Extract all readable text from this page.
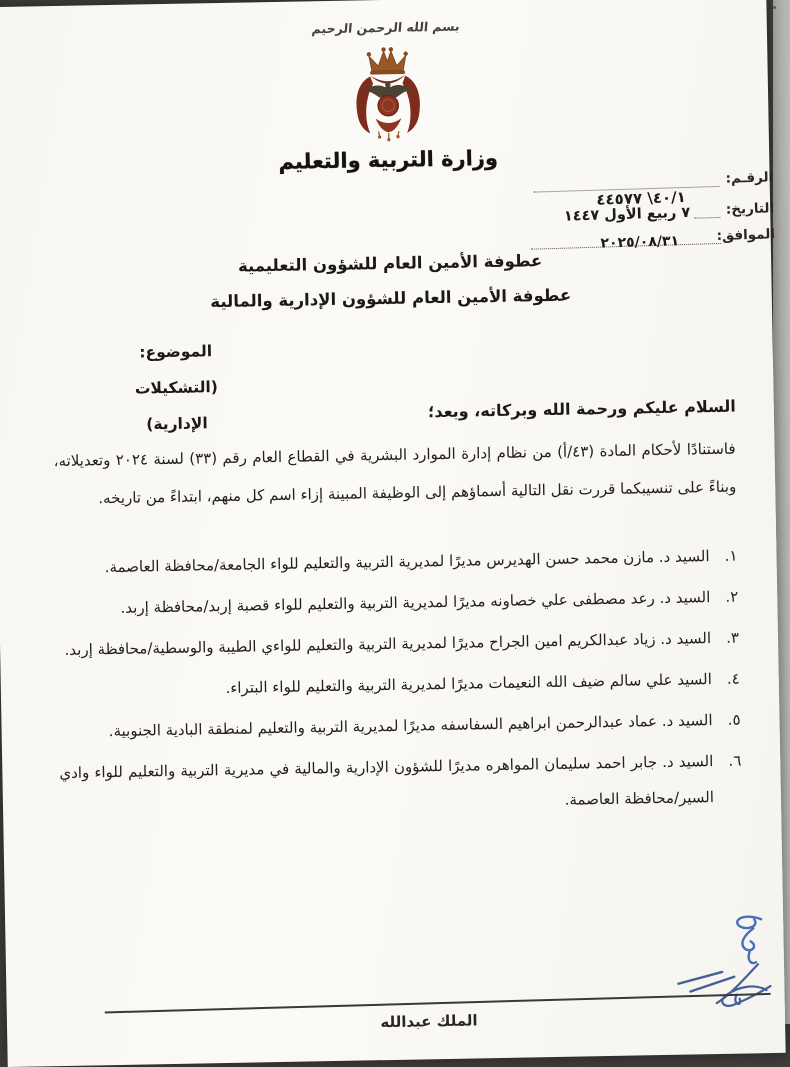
بسم الله الرحمن الرحيم
وزارة التربية والتعليم
الرقـم:
٤٤٥٧٧ \٤٠/١
التاريخ:
٧ ربيع الأول ١٤٤٧
الموافق:
٢٠٢٥/٠٨/٣١
عطوفة الأمين العام للشؤون التعليمية
عطوفة الأمين العام للشؤون الإدارية والمالية
الموضوع:
(التشكيلات الإدارية)
السلام عليكم ورحمة الله وبركاته، وبعد؛
فاستنادًا لأحكام المادة (٤٣/أ) من نظام إدارة الموارد البشرية في القطاع العام رقم (٣٣) لسنة ٢٠٢٤ وتعديلاته، وبناءً على تنسيبكما قررت نقل التالية أسماؤهم إلى الوظيفة المبينة إزاء اسم كل منهم، ابتداءً من تاريخه.
١.
السيد د. مازن محمد حسن الهديرس مديرًا لمديرية التربية والتعليم للواء الجامعة/محافظة العاصمة.
٢.
السيد د. رعد مصطفى علي خصاونه مديرًا لمديرية التربية والتعليم للواء قصبة إربد/محافظة إربد.
٣.
السيد د. زياد عبدالكريم امين الجراح مديرًا لمديرية التربية والتعليم للواءي الطيبة والوسطية/محافظة إربد.
٤.
السيد علي سالم ضيف الله النعيمات مديرًا لمديرية التربية والتعليم للواء البتراء.
٥.
السيد د. عماد عبدالرحمن ابراهيم السفاسفه مديرًا لمديرية التربية والتعليم لمنطقة البادية الجنوبية.
٦.
السيد د. جابر احمد سليمان المواهره مديرًا للشؤون الإدارية والمالية في مديرية التربية والتعليم للواء وادي السير/محافظة العاصمة.
الملك عبدالله
